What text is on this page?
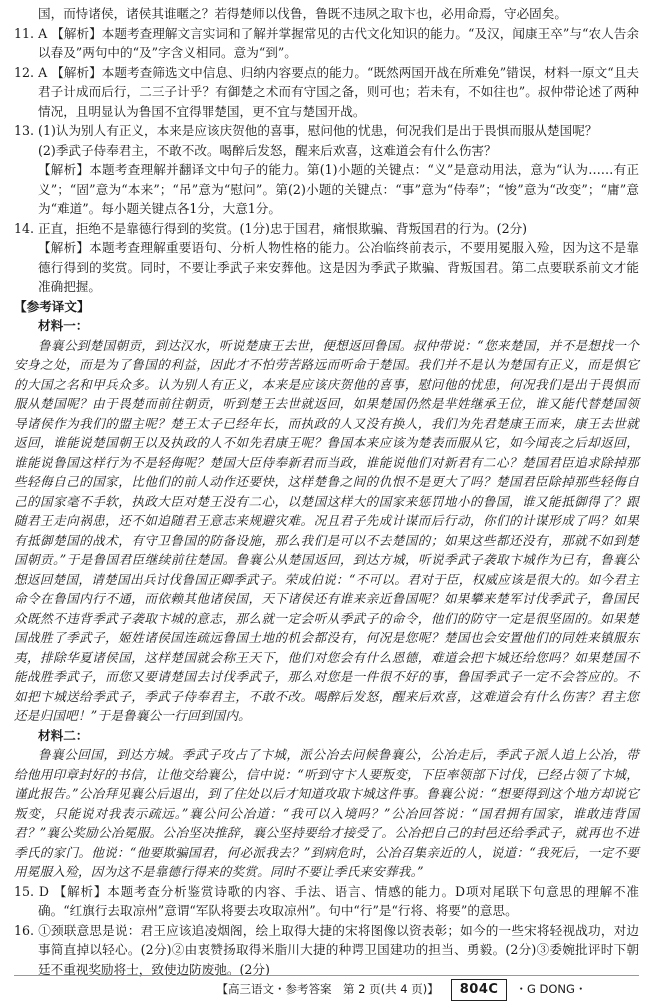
国，而恃诸侯，诸侯其谁暱之？若得楚师以伐鲁，鲁既不违夙之取卞也，必用命焉，守必固矣。

11. A 【解析】本题考查理解文言实词和了解并掌握常见的古代文化知识的能力。“及汉，闻康王卒”与“农人告余以春及”两句中的“及”字含义相同。意为“到”。

12. A 【解析】本题考查筛选文中信息、归纳内容要点的能力。“既然两国开战在所难免”错误，材料一原文“且夫君子计成而后行，二三子计乎？有御楚之术而有守国之备，则可也；若未有，不如往也”。叔仲带论述了两种情况，且明显认为鲁国不宜得罪楚国，更不宜与楚国开战。

13. (1)认为别人有正义，本来是应该庆贺他的喜事，慰问他的忧患，何况我们是出于畏惧而服从楚国呢？

(2)季武子侍奉君主，不敢不改。喝醉后发怒，醒来后欢喜，这难道会有什么伤害？

【解析】本题考查理解并翻译文中句子的能力。第(1)小题的关键点：“义”是意动用法，意为“认为……有正义”；“固”意为“本来”；“吊”意为“慰问”。第(2)小题的关键点：“事”意为“侍奉”；“悛”意为“改变”；“庸”意为“难道”。每小题关键点各1分，大意1分。

14. 正直，拒绝不是靠德行得到的奖赏。(1分)忠于国君，痛恨欺骗、背叛国君的行为。(2分)

【解析】本题考查理解重要语句、分析人物性格的能力。公冶临终前表示，不要用冕服入殓，因为这不是靠德行得到的奖赏。同时，不要让季武子来安葬他。这是因为季武子欺骗、背叛国君。第二点要联系前文才能准确把握。

【参考译文】

材料一：

鲁襄公到楚国朝贡，到达汉水，听说楚康王去世，便想返回鲁国。叔仲带说：“您来楚国，并不是想找一个安身之处，而是为了鲁国的利益，因此才不怕劳苦路远而听命于楚国。我们并不是认为楚国有正义，而是惧它的大国之名和甲兵众多。认为别人有正义，本来是应该庆贺他的喜事，慰问他的忧患，何况我们是出于畏惧而服从楚国呢？由于畏楚而前往朝贡，听到楚王去世就返回，如果楚国仍然是芈姓继承王位，谁又能代替楚国领导诸侯作为我们的盟主呢？楚王太子已经年长，而执政的人又没有换人，我们为先君楚康王而来，康王去世就返回，谁能说楚国朝王以及执政的人不如先君康王呢？鲁国本来应该为楚表而服从它，如今闻丧之后却返回，谁能说鲁国这样行为不是轻侮呢？楚国大臣侍奉新君而当政，谁能说他们对新君有二心？楚国君臣追求除掉那些轻侮自己的国家，比他们的前人动作还要快，这样楚鲁之间的仇恨不是更大了吗？楚国君臣除掉那些轻侮自己的国家毫不手软，执政大臣对楚王没有二心，以楚国这样大的国家来惩罚地小的鲁国，谁又能抵御得了？跟随君王走向祸患，还不如追随君王意志来规避灾难。况且君子先成计谋而后行动，你们的计谋形成了吗？如果有抵御楚国的战术，有守卫鲁国的防备设施，那么我们是可以不去楚国的；如果这些都还没有，那就不如到楚国朝贡。”于是鲁国君臣继续前往楚国。鲁襄公从楚国返回，到达方城，听说季武子袭取卞城作为已有，鲁襄公想返回楚国，请楚国出兵讨伐鲁国正卿季武子。荣成伯说：“不可以。君对于臣，权威应该是很大的。如今君主命令在鲁国内行不通，而依赖其他诸侯国，天下诸侯还有谁来亲近鲁国呢？如果攀来楚军讨伐季武子，鲁国民众既然不违背季武子袭取卞城的意志，那么就一定会听从季武子的命令，他们的防守一定是很坚固的。如果楚国战胜了季武子，姬姓诸侯国连疏远鲁国土地的机会都没有，何况是您呢？楚国也会安置他们的同姓来镇服东夷，排除华夏诸侯国，这样楚国就会称王天下，他们对您会有什么恩德，难道会把卞城还给您吗？如果楚国不能战胜季武子，而您又要请楚国去讨伐季武子，那么对您是一件很不好的事，鲁国季武子一定不会答应的。不如把卞城送给季武子，季武子侍奉君主，不敢不改。喝醉后发怒，醒来后欢喜，这难道会有什么伤害？君主您还是归国吧！”于是鲁襄公一行回到国内。

材料二：

鲁襄公回国，到达方城。季武子攻占了卞城，派公冶去问候鲁襄公，公冶走后，季武子派人追上公冶，带给他用印章封好的书信，让他交给襄公，信中说：“听到守卞人要叛变，下臣率领部下讨伐，已经占领了卞城，谨此报告。”公冶拜见襄公后退出，到了住处以后才知道攻取卞城这件事。鲁襄公说：“想要得到这个地方却说它叛变，只能说对我表示疏远。”襄公问公冶道：“我可以入境吗？”公冶回答说：“国君拥有国家，谁敢违背国君？”襄公奖励公冶冕服。公冶坚决推辞，襄公坚持要给才接受了。公冶把自己的封邑还给季武子，就再也不进季氏的家门。他说：“他要欺骗国君，何必派我去？”到病危时，公冶召集亲近的人，说道：“我死后，一定不要用冕服入殓，因为这不是靠德行得来的奖赏。同时不要让季氏来安葬我。”

15. D 【解析】本题考查分析鉴赏诗歌的内容、手法、语言、情感的能力。D项对尾联下句意思的理解不准确。“红旗行去取凉州”意谓“军队将要去攻取凉州”。句中“行”是“行将、将要”的意思。

16. ①颈联意思是说：君王应该追凌烟阁，绘上取得大捷的宋将图像以资表彰；如今的一些宋将轻视战功，对边事简直掉以轻心。(2分)②由衷赞扬取得米脂川大捷的种谔卫国建功的担当、勇毅。(2分)③委婉批评时下朝廷不重视奖励将士，致使边防废弛。(2分)

【高三语文・参考答案　第 2 页(共 4 页)】	804C	・G DONG・
